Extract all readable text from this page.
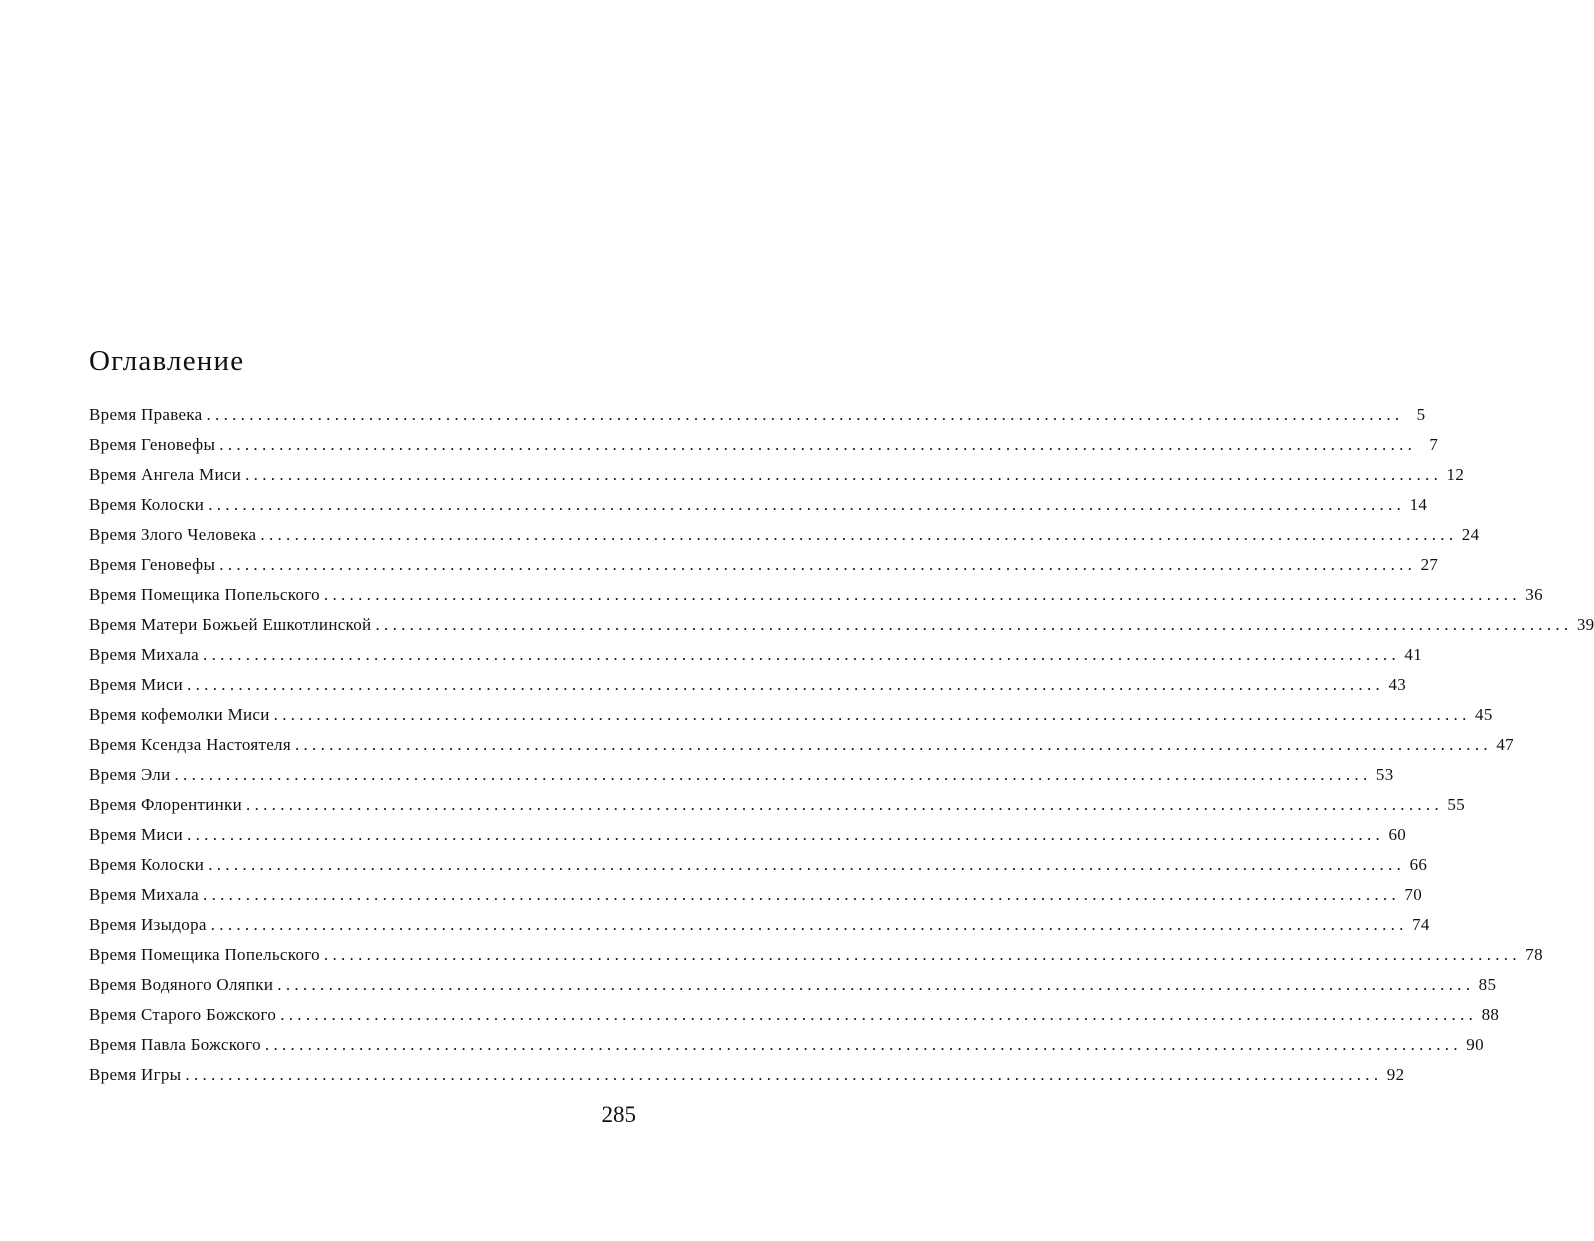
Оглавление
Время Правека ............................................................................................................................................ 5
Время Геновефы ............................................................................................................................................ 7
Время Ангела Миси ............................................................................................................................................ 12
Время Колоски ............................................................................................................................................ 14
Время Злого Человека ............................................................................................................................................ 24
Время Геновефы ............................................................................................................................................ 27
Время Помещика Попельского ............................................................................................................................................ 36
Время Матери Божьей Ешкотлинской ............................................................................................................................................ 39
Время Михала ............................................................................................................................................ 41
Время Миси ............................................................................................................................................ 43
Время кофемолки Миси ............................................................................................................................................ 45
Время Ксендза Настоятеля ............................................................................................................................................ 47
Время Эли ............................................................................................................................................ 53
Время Флорентинки ............................................................................................................................................ 55
Время Миси ............................................................................................................................................ 60
Время Колоски ............................................................................................................................................ 66
Время Михала ............................................................................................................................................ 70
Время Изыдора ............................................................................................................................................ 74
Время Помещика Попельского ............................................................................................................................................ 78
Время Водяного Оляпки ............................................................................................................................................ 85
Время Старого Божского ............................................................................................................................................ 88
Время Павла Божского ............................................................................................................................................ 90
Время Игры ............................................................................................................................................ 92
285
